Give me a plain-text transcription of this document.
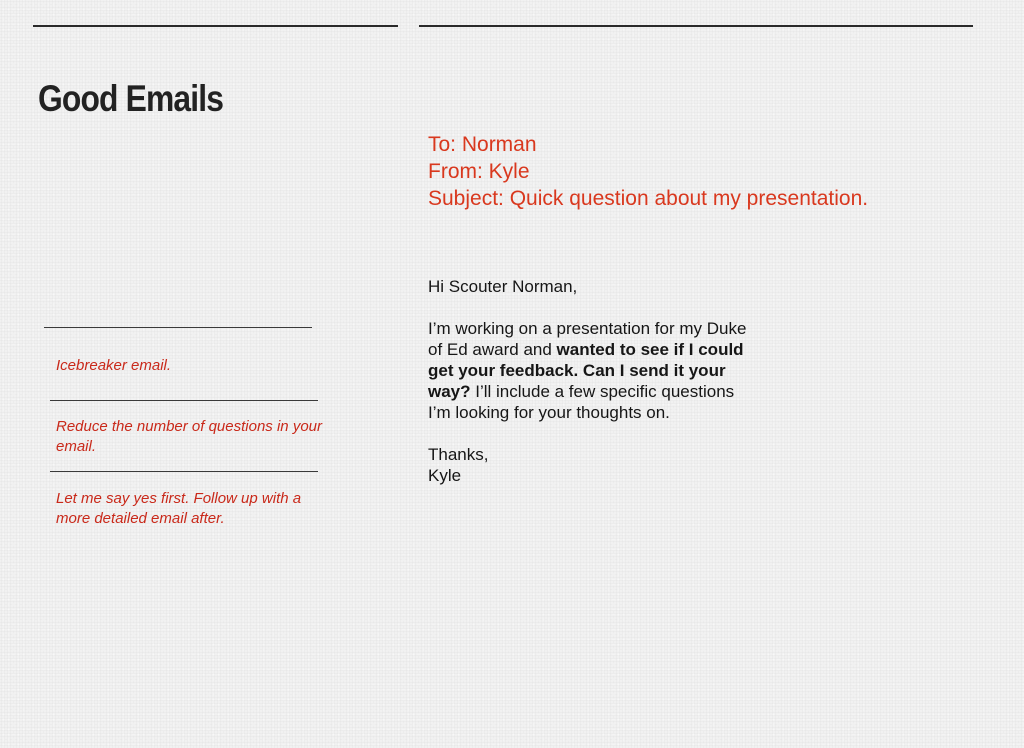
Good Emails
To: Norman
From: Kyle
Subject: Quick question about my presentation.

Hi Scouter Norman,

I’m working on a presentation for my Duke of Ed award and wanted to see if I could get your feedback. Can I send it your way? I’ll include a few specific questions I’m looking for your thoughts on.

Thanks,
Kyle

Icebreaker email.
Reduce the number of questions in your email.
Let me say yes first. Follow up with a more detailed email after.
